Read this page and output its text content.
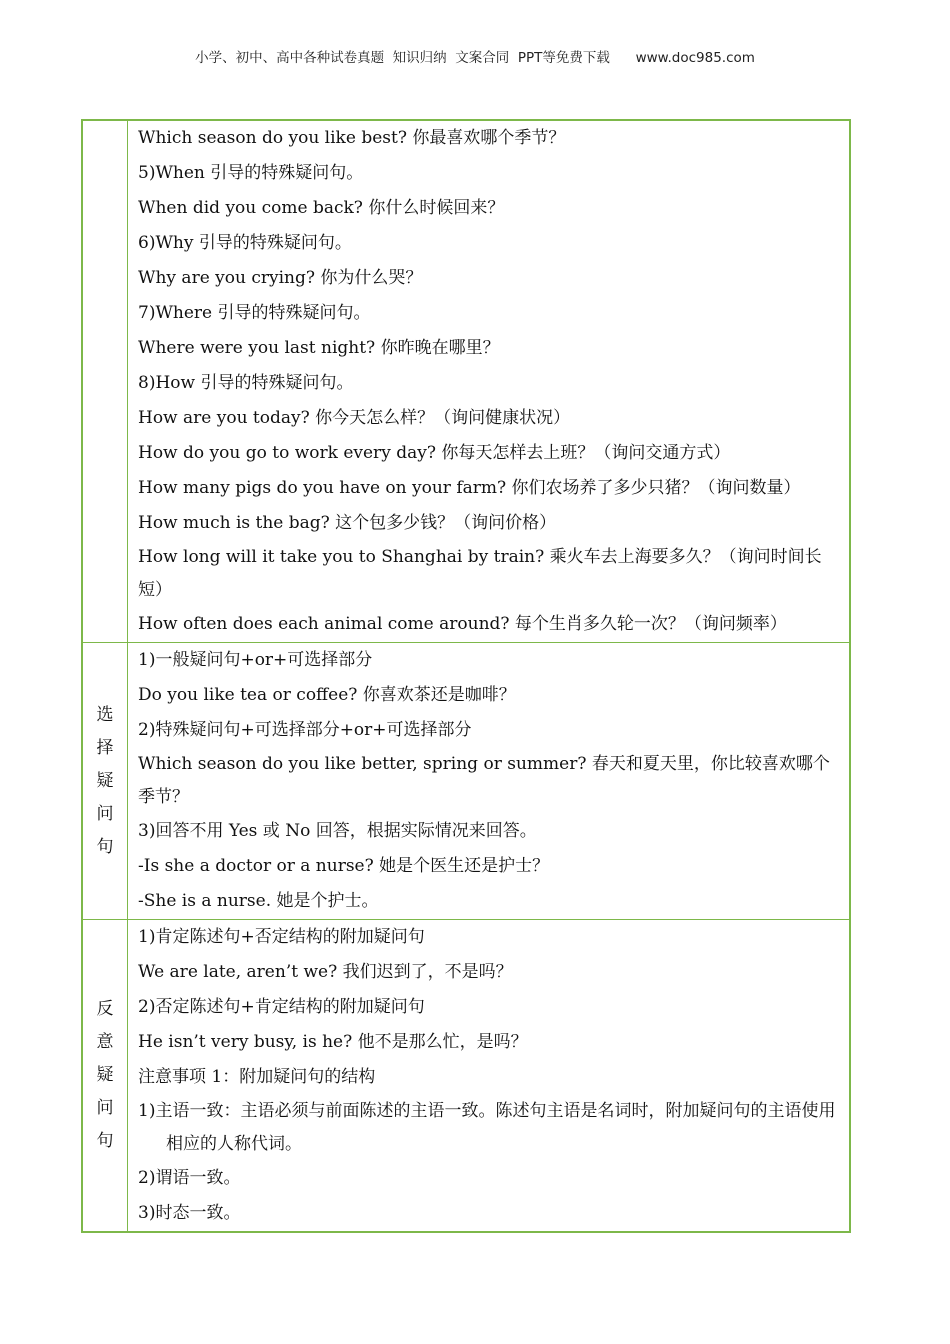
小学、初中、高中各种试卷真题  知识归纳  文案合同  PPT等免费下载      www.doc985.com
Which season do you like best? 你最喜欢哪个季节？
5)When 引导的特殊疑问句。
When did you come back? 你什么时候回来？
6)Why 引导的特殊疑问句。
Why are you crying? 你为什么哭？
7)Where 引导的特殊疑问句。
Where were you last night? 你昨晚在哪里？
8)How 引导的特殊疑问句。
How are you today? 你今天怎么样？（询问健康状况）
How do you go to work every day? 你每天怎样去上班？（询问交通方式）
How many pigs do you have on your farm? 你们农场养了多少只猪？（询问数量）
How much is the bag? 这个包多少钱？（询问价格）
How long will it take you to Shanghai by train? 乘火车去上海要多久？（询问时间长短）
How often does each animal come around? 每个生肖多久轮一次？（询问频率）
选择疑问句
1)一般疑问句+or+可选择部分
Do you like tea or coffee? 你喜欢茶还是咖啡？
2)特殊疑问句+可选择部分+or+可选择部分
Which season do you like better, spring or summer? 春天和夏天里，你比较喜欢哪个季节？
3)回答不用 Yes 或 No 回答，根据实际情况来回答。
-Is she a doctor or a nurse? 她是个医生还是护士？
-She is a nurse. 她是个护士。
反意疑问句
1)肯定陈述句+否定结构的附加疑问句
We are late, aren’t we? 我们迟到了，不是吗？
2)否定陈述句+肯定结构的附加疑问句
He isn’t very busy, is he? 他不是那么忙，是吗？
注意事项 1：附加疑问句的结构
1)主语一致：主语必须与前面陈述的主语一致。陈述句主语是名词时，附加疑问句的主语使用相应的人称代词。
2)谓语一致。
3)时态一致。
